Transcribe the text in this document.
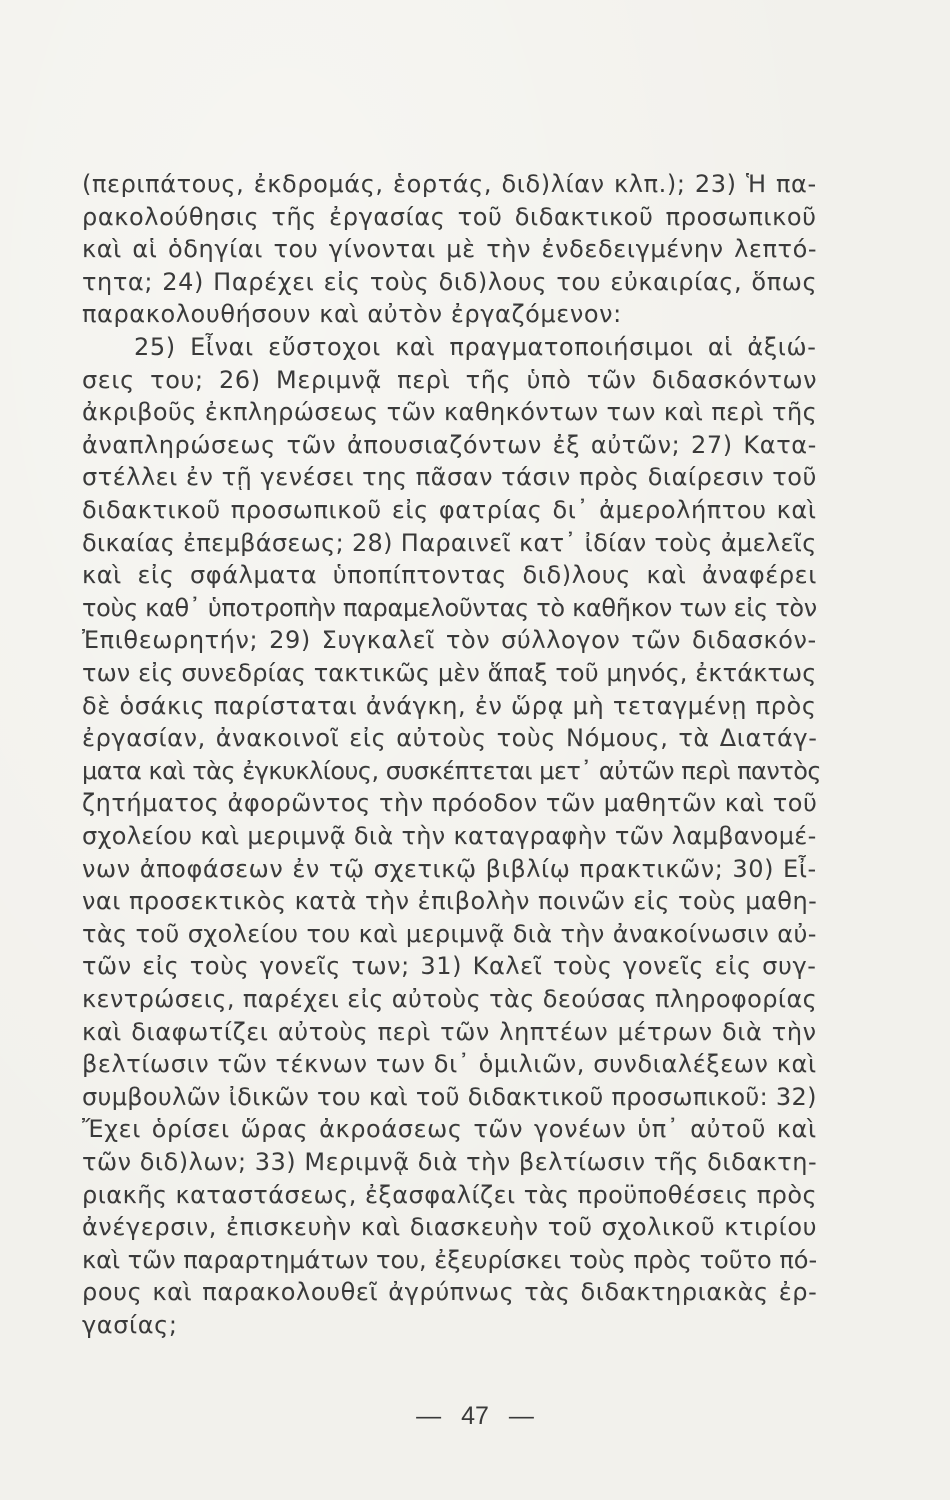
(περιπάτους, ἐκδρομάς, ἑορτάς, διδ)λίαν κλπ.); 23) Ἡ πα-
ρακολούθησις τῆς ἐργασίας τοῦ διδακτικοῦ προσωπικοῦ
καὶ αἱ ὁδηγίαι του γίνονται μὲ τὴν ἐνδεδειγμένην λεπτό-
τητα; 24) Παρέχει εἰς τοὺς διδ)λους του εὐκαιρίας, ὅπως
παρακολουθήσουν καὶ αὐτὸν ἐργαζόμενον:
25) Εἶναι εὔστοχοι καὶ πραγματοποιήσιμοι αἱ ἀξιώ-
σεις του; 26) Μεριμνᾷ περὶ τῆς ὑπὸ τῶν διδασκόντων
ἀκριβοῦς ἐκπληρώσεως τῶν καθηκόντων των καὶ περὶ τῆς
ἀναπληρώσεως τῶν ἀπουσιαζόντων ἐξ αὐτῶν; 27) Κατα-
στέλλει ἐν τῇ γενέσει της πᾶσαν τάσιν πρὸς διαίρεσιν τοῦ
διδακτικοῦ προσωπικοῦ εἰς φατρίας δι᾽ ἀμερολήπτου καὶ
δικαίας ἐπεμβάσεως; 28) Παραινεῖ κατ᾽ ἰδίαν τοὺς ἀμελεῖς
καὶ εἰς σφάλματα ὑποπίπτοντας διδ)λους καὶ ἀναφέρει
τοὺς καθ᾽ ὑποτροπὴν παραμελοῦντας τὸ καθῆκον των εἰς τὸν
Ἐπιθεωρητήν; 29) Συγκαλεῖ τὸν σύλλογον τῶν διδασκόν-
των εἰς συνεδρίας τακτικῶς μὲν ἅπαξ τοῦ μηνός, ἐκτάκτως
δὲ ὁσάκις παρίσταται ἀνάγκη, ἐν ὥρᾳ μὴ τεταγμένῃ πρὸς
ἐργασίαν, ἀνακοινοῖ εἰς αὐτοὺς τοὺς Νόμους, τὰ Διατάγ-
ματα καὶ τὰς ἐγκυκλίους, συσκέπτεται μετ᾽ αὐτῶν περὶ παντὸς
ζητήματος ἀφορῶντος τὴν πρόοδον τῶν μαθητῶν καὶ τοῦ
σχολείου καὶ μεριμνᾷ διὰ τὴν καταγραφὴν τῶν λαμβανομέ-
νων ἀποφάσεων ἐν τῷ σχετικῷ βιβλίῳ πρακτικῶν; 30) Εἶ-
ναι προσεκτικὸς κατὰ τὴν ἐπιβολὴν ποινῶν εἰς τοὺς μαθη-
τὰς τοῦ σχολείου του καὶ μεριμνᾷ διὰ τὴν ἀνακοίνωσιν αὐ-
τῶν εἰς τοὺς γονεῖς των; 31) Καλεῖ τοὺς γονεῖς εἰς συγ-
κεντρώσεις, παρέχει εἰς αὐτοὺς τὰς δεούσας πληροφορίας
καὶ διαφωτίζει αὐτοὺς περὶ τῶν ληπτέων μέτρων διὰ τὴν
βελτίωσιν τῶν τέκνων των δι᾽ ὁμιλιῶν, συνδιαλέξεων καὶ
συμβουλῶν ἰδικῶν του καὶ τοῦ διδακτικοῦ προσωπικοῦ: 32)
Ἔχει ὁρίσει ὥρας ἀκροάσεως τῶν γονέων ὑπ᾽ αὐτοῦ καὶ
τῶν διδ)λων; 33) Μεριμνᾷ διὰ τὴν βελτίωσιν τῆς διδακτη-
ριακῆς καταστάσεως, ἐξασφαλίζει τὰς προϋποθέσεις πρὸς
ἀνέγερσιν, ἐπισκευὴν καὶ διασκευὴν τοῦ σχολικοῦ κτιρίου
καὶ τῶν παραρτημάτων του, ἐξευρίσκει τοὺς πρὸς τοῦτο πό-
ρους καὶ παρακολουθεῖ ἀγρύπνως τὰς διδακτηριακὰς ἐρ-
γασίας;
— 47 —
